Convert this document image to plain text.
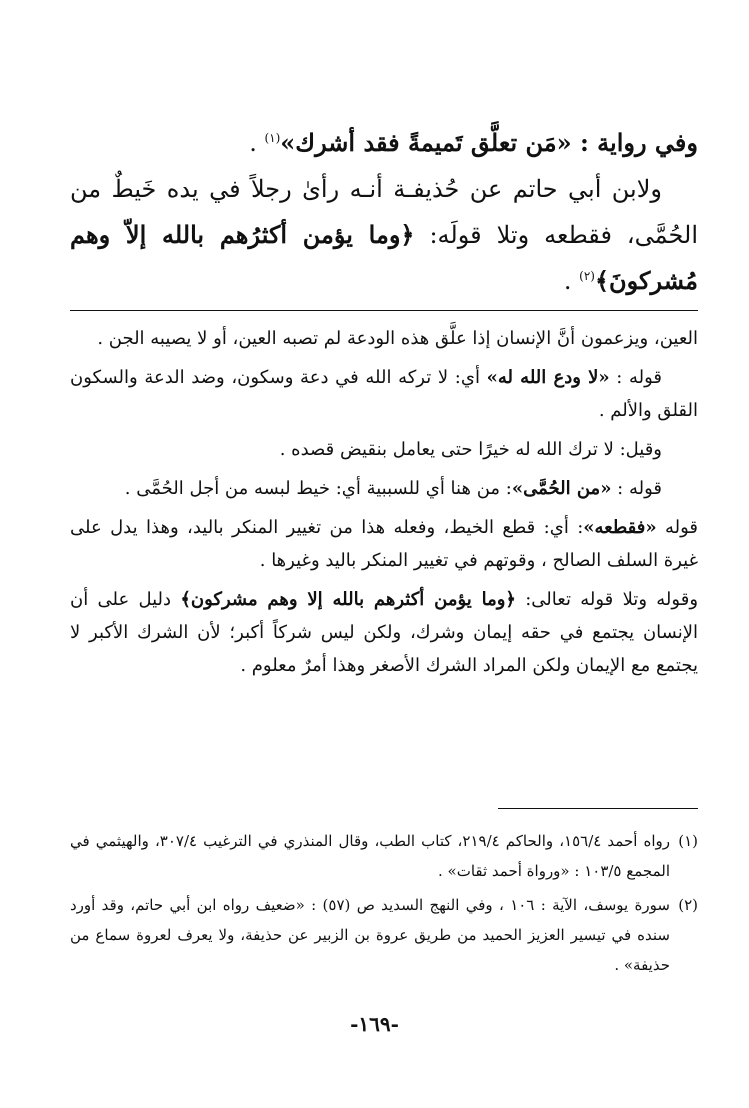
وفي رواية : «مَن تعلَّق تَميمةً فقد أشرك»$^{(١)}$ .

ولابن أبي حاتم عن حُذيفـة أنـه رأىٰ رجلاً في يده خَيطٌ من الحُمَّى، فقطعه وتلا قولَه: ﴿وما يؤمن أكثرُهم بالله إلاّ وهم مُشركونَ﴾$^{(٢)}$ .

العين، ويزعمون أنَّ الإنسان إذا علَّق هذه الودعة لم تصبه العين، أو لا يصيبه الجن .

قوله : «لا ودع الله له» أي: لا تركه الله في دعة وسكون، وضد الدعة والسكون القلق والألم .

وقيل: لا ترك الله له خيرًا حتى يعامل بنقيض قصده .

قوله : «من الحُمَّى»: من هنا أي للسببية أي: خيط لبسه من أجل الحُمَّى .

قوله «فقطعه»: أي: قطع الخيط، وفعله هذا من تغيير المنكر باليد، وهذا يدل على غيرة السلف الصالح ، وقوتهم في تغيير المنكر باليد وغيرها .

وقوله وتلا قوله تعالى: ﴿وما يؤمن أكثرهم بالله إلا وهم مشركون﴾ دليل على أن الإنسان يجتمع في حقه إيمان وشرك، ولكن ليس شركاً أكبر؛ لأن الشرك الأكبر لا يجتمع مع الإيمان ولكن المراد الشرك الأصغر وهذا أمرٌ معلوم .

(١)
رواه أحمد ١٥٦/٤، والحاكم ٢١٩/٤، كتاب الطب، وقال المنذري في الترغيب ٣٠٧/٤، والهيثمي في المجمع ١٠٣/٥ : «ورواة أحمد ثقات» .
(٢)
سورة يوسف، الآية : ١٠٦ ، وفي النهج السديد ص (٥٧) : «ضعيف رواه ابن أبي حاتم، وقد أورد سنده في تيسير العزيز الحميد من طريق عروة بن الزبير عن حذيفة، ولا يعرف لعروة سماع من حذيفة» .
-١٦٩-
